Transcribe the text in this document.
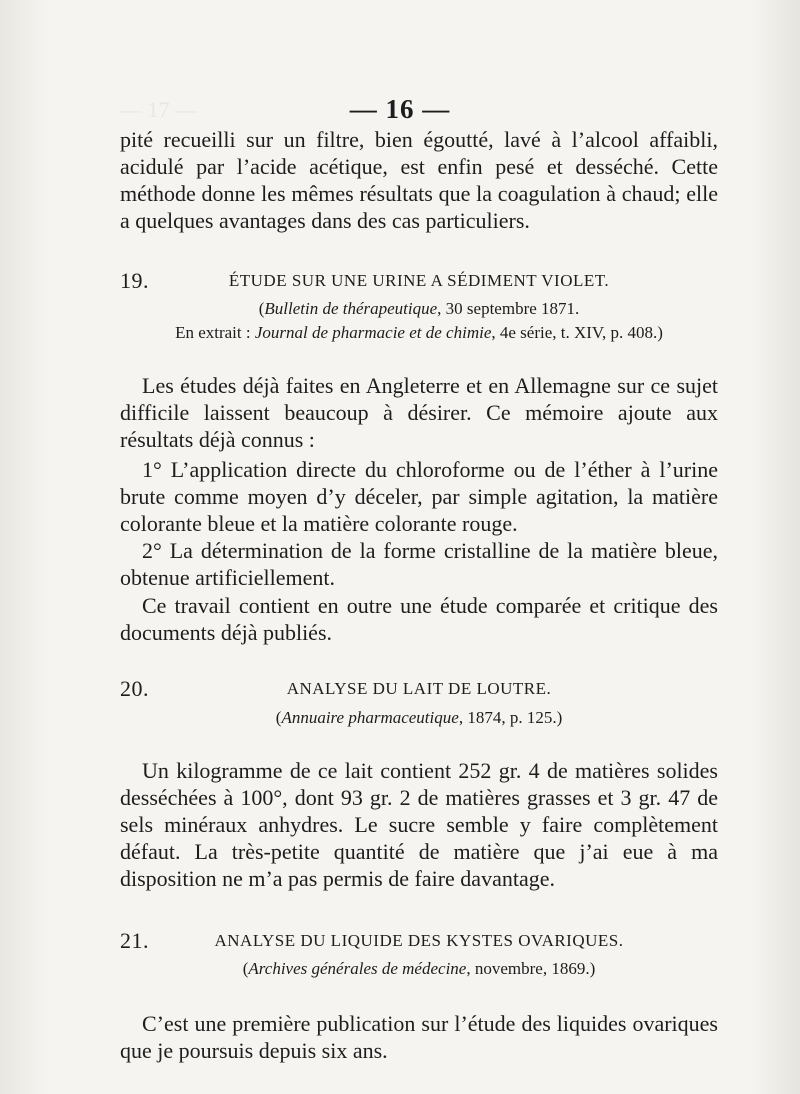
— 17 —	— 16 —

pité recueilli sur un filtre, bien égoutté, lavé à l’alcool affaibli, acidulé par l’acide acétique, est enfin pesé et desséché. Cette méthode donne les mêmes résultats que la coagulation à chaud; elle a quelques avantages dans des cas particuliers.

19.	ÉTUDE SUR UNE URINE A SÉDIMENT VIOLET.
(Bulletin de thérapeutique, 30 septembre 1871.
En extrait : Journal de pharmacie et de chimie, 4e série, t. XIV, p. 408.)

Les études déjà faites en Angleterre et en Allemagne sur ce sujet difficile laissent beaucoup à désirer. Ce mémoire ajoute aux résultats déjà connus :

1° L’application directe du chloroforme ou de l’éther à l’urine brute comme moyen d’y déceler, par simple agitation, la matière colorante bleue et la matière colorante rouge.

2° La détermination de la forme cristalline de la matière bleue, obtenue artificiellement.

Ce travail contient en outre une étude comparée et critique des documents déjà publiés.

20.	ANALYSE DU LAIT DE LOUTRE.
(Annuaire pharmaceutique, 1874, p. 125.)

Un kilogramme de ce lait contient 252 gr. 4 de matières solides desséchées à 100°, dont 93 gr. 2 de matières grasses et 3 gr. 47 de sels minéraux anhydres. Le sucre semble y faire complètement défaut. La très-petite quantité de matière que j’ai eue à ma disposition ne m’a pas permis de faire davantage.

21.	ANALYSE DU LIQUIDE DES KYSTES OVARIQUES.
(Archives générales de médecine, novembre, 1869.)

C’est une première publication sur l’étude des liquides ovariques que je poursuis depuis six ans.
